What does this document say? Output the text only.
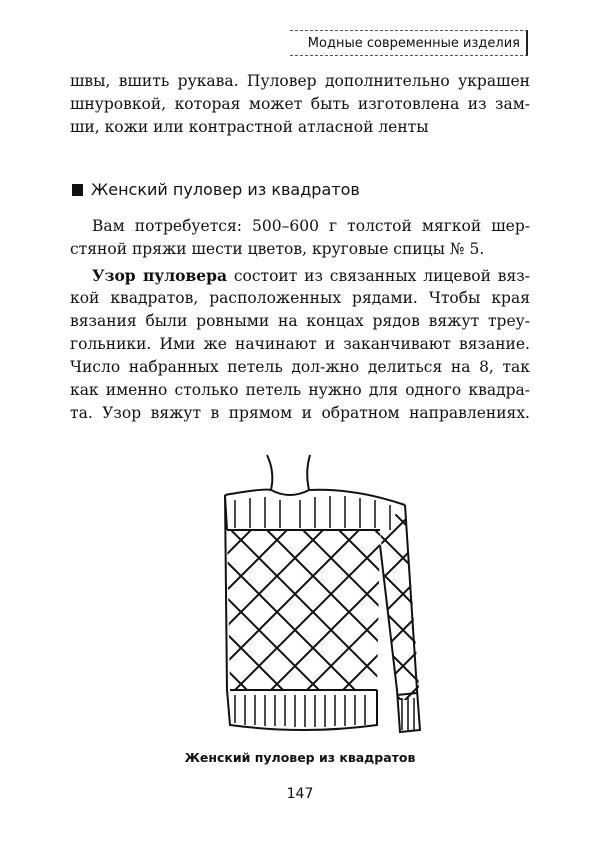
Модные современные изделия
швы, вшить рукава. Пуловер дополнительно украшен
шнуровкой, которая может быть изготовлена из зам-
ши, кожи или контрастной атласной ленты
Женский пуловер из квадратов
Вам потребуется: 500–600 г толстой мягкой шер-
стяной пряжи шести цветов, круговые спицы № 5.
Узор пуловера состоит из связанных лицевой вяз-
кой квадратов, расположенных рядами. Чтобы края
вязания были ровными на концах рядов вяжут треу-
гольники. Ими же начинают и заканчивают вязание.
Число набранных петель дол-жно делиться на 8, так
как именно столько петель нужно для одного квадра-
та. Узор вяжут в прямом и обратном направлениях.
Женский пуловер из квадратов
147
